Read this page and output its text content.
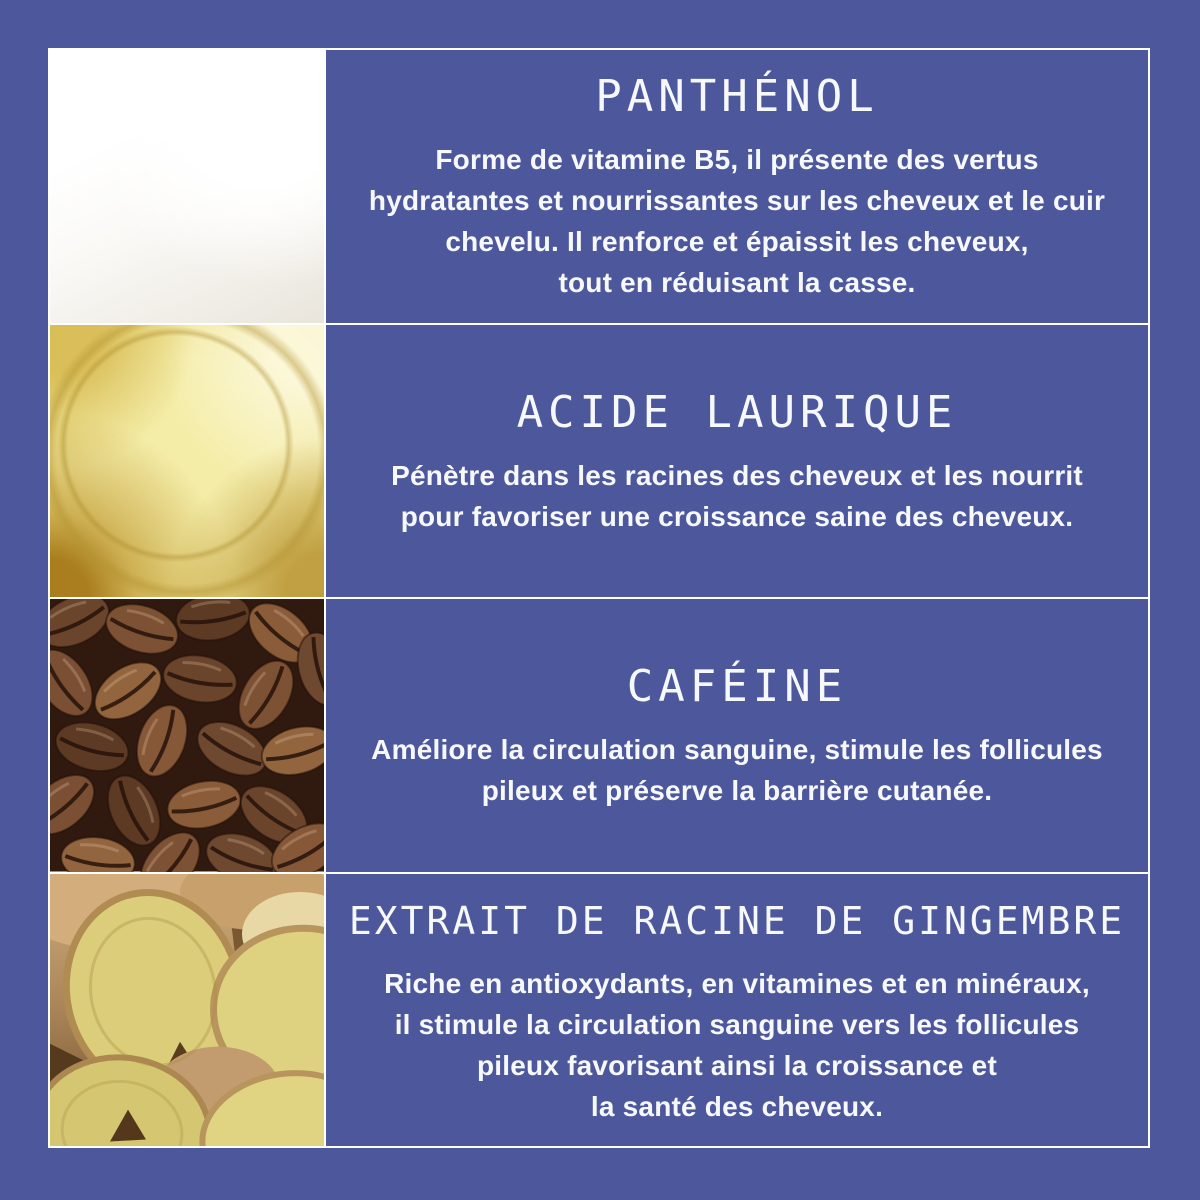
PANTHÉNOL
Forme de vitamine B5, il présente des vertus
hydratantes et nourrissantes sur les cheveux et le cuir
chevelu. Il renforce et épaissit les cheveux,
tout en réduisant la casse.
ACIDE LAURIQUE
Pénètre dans les racines des cheveux et les nourrit
pour favoriser une croissance saine des cheveux.
CAFÉINE
Améliore la circulation sanguine, stimule les follicules
pileux et préserve la barrière cutanée.
EXTRAIT DE RACINE DE GINGEMBRE
Riche en antioxydants, en vitamines et en minéraux,
il stimule la circulation sanguine vers les follicules
pileux favorisant ainsi la croissance et
la santé des cheveux.
